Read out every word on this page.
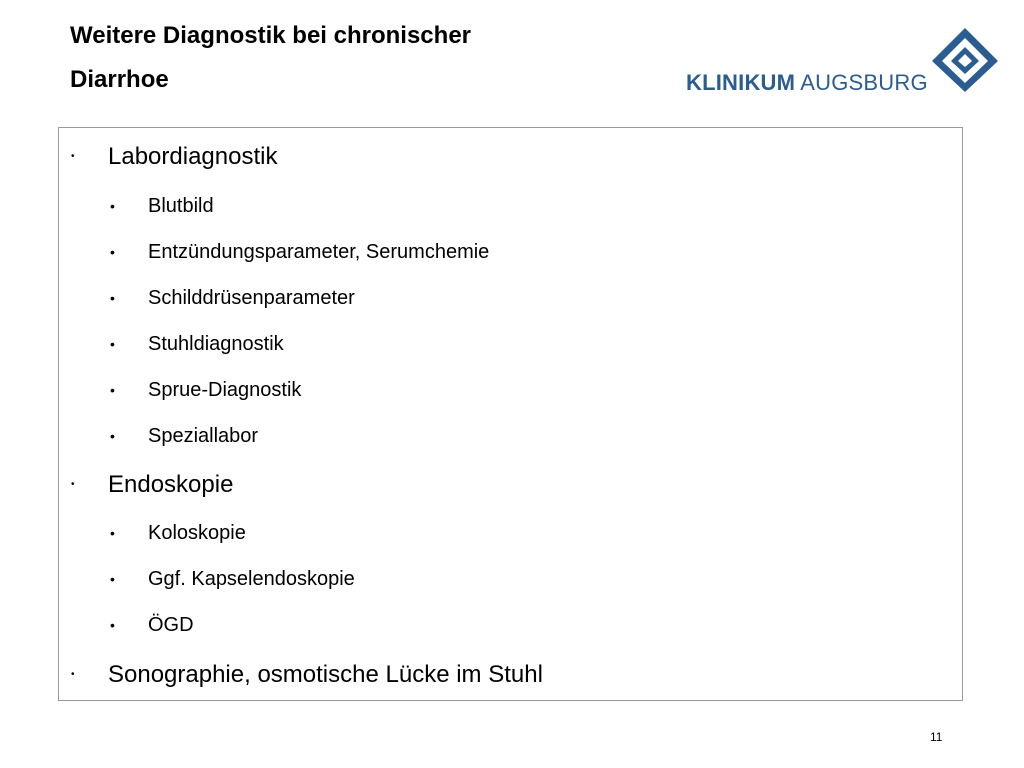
Weitere Diagnostik bei chronischer
Diarrhoe	KLINIKUM AUGSBURG
• Labordiagnostik
• Blutbild
• Entzündungsparameter, Serumchemie
• Schilddrüsenparameter
• Stuhldiagnostik
• Sprue-Diagnostik
• Speziallabor
• Endoskopie
• Koloskopie
• Ggf. Kapselendoskopie
• ÖGD
• Sonographie, osmotische Lücke im Stuhl
11
